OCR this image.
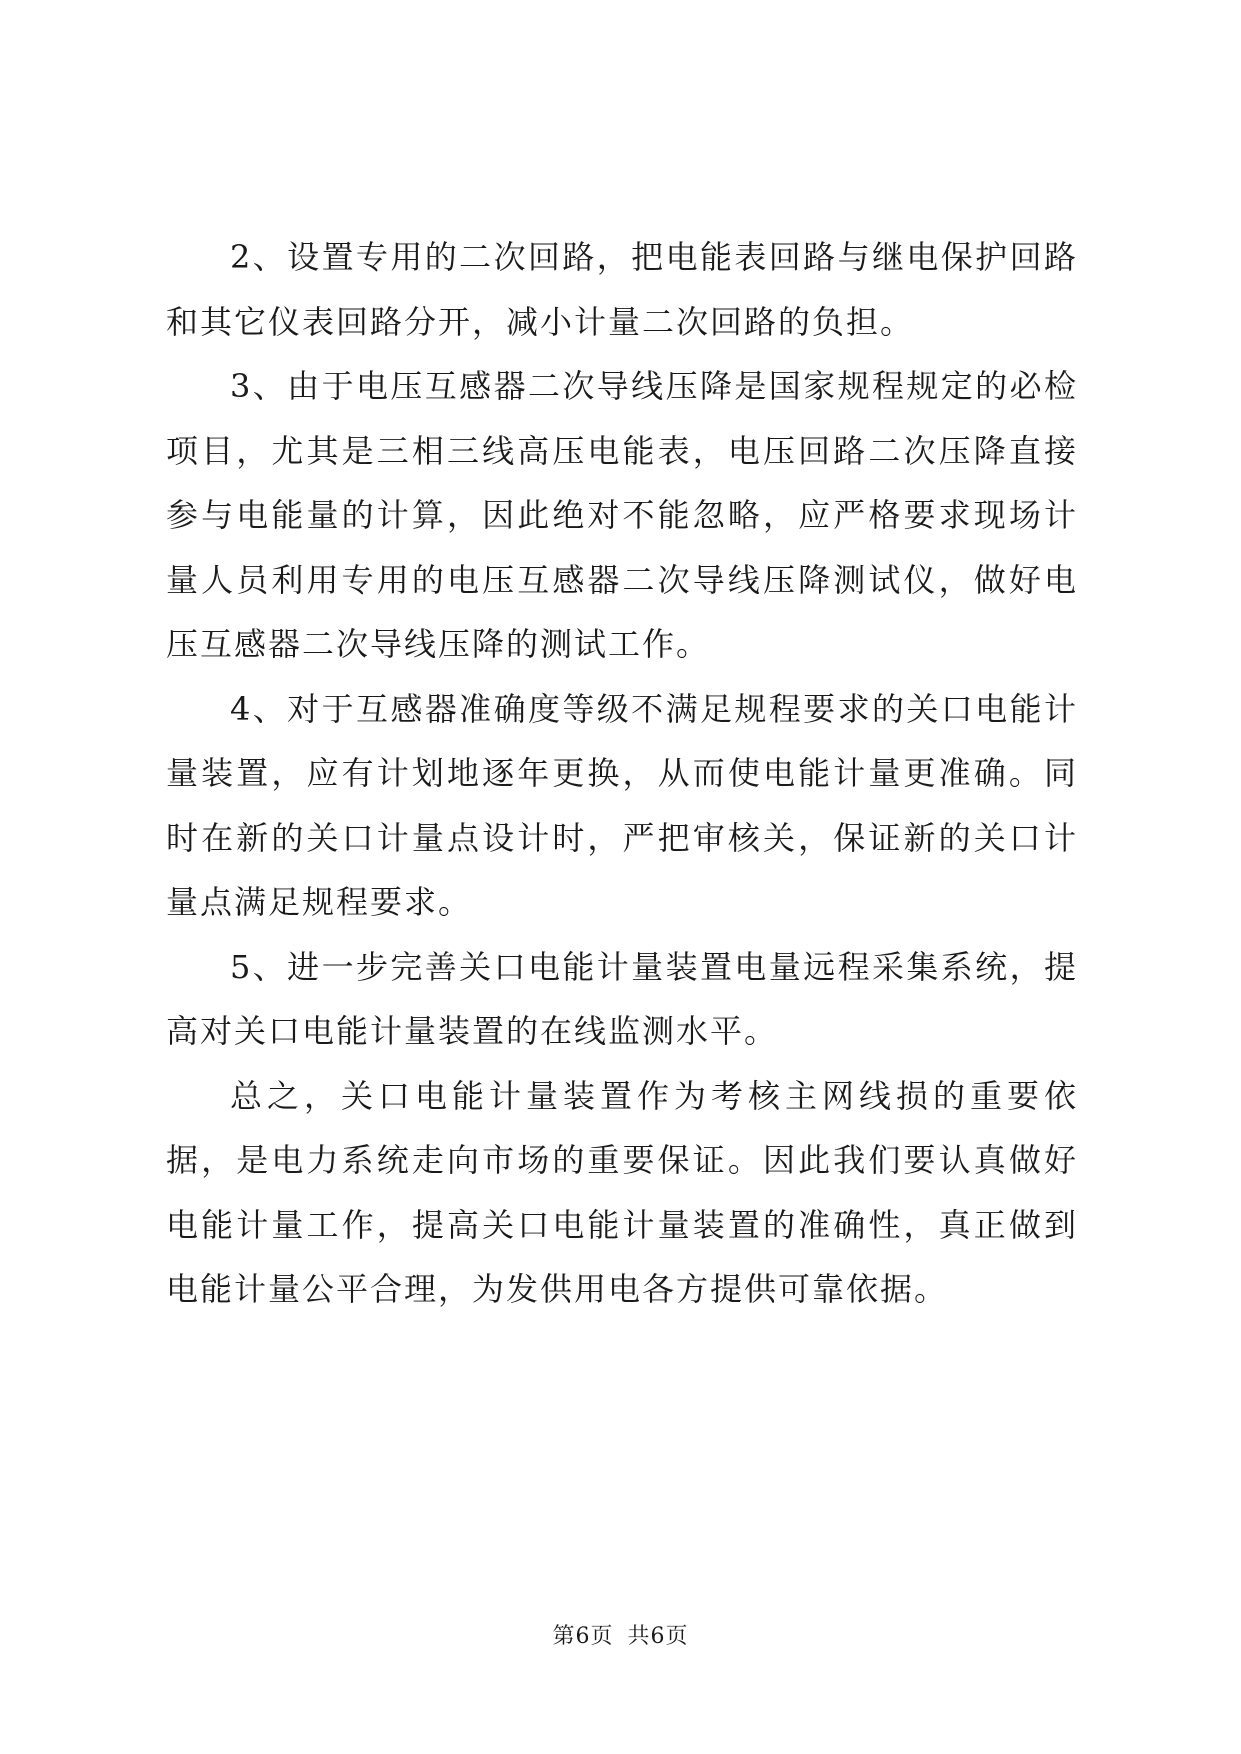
2、设置专用的二次回路，把电能表回路与继电保护回路和其它仪表回路分开，减小计量二次回路的负担。

3、由于电压互感器二次导线压降是国家规程规定的必检项目，尤其是三相三线高压电能表，电压回路二次压降直接参与电能量的计算，因此绝对不能忽略，应严格要求现场计量人员利用专用的电压互感器二次导线压降测试仪，做好电压互感器二次导线压降的测试工作。

4、对于互感器准确度等级不满足规程要求的关口电能计量装置，应有计划地逐年更换，从而使电能计量更准确。同时在新的关口计量点设计时，严把审核关，保证新的关口计量点满足规程要求。

5、进一步完善关口电能计量装置电量远程采集系统，提高对关口电能计量装置的在线监测水平。

总之，关口电能计量装置作为考核主网线损的重要依据，是电力系统走向市场的重要保证。因此我们要认真做好电能计量工作，提高关口电能计量装置的准确性，真正做到电能计量公平合理，为发供用电各方提供可靠依据。

第6页 共6页
